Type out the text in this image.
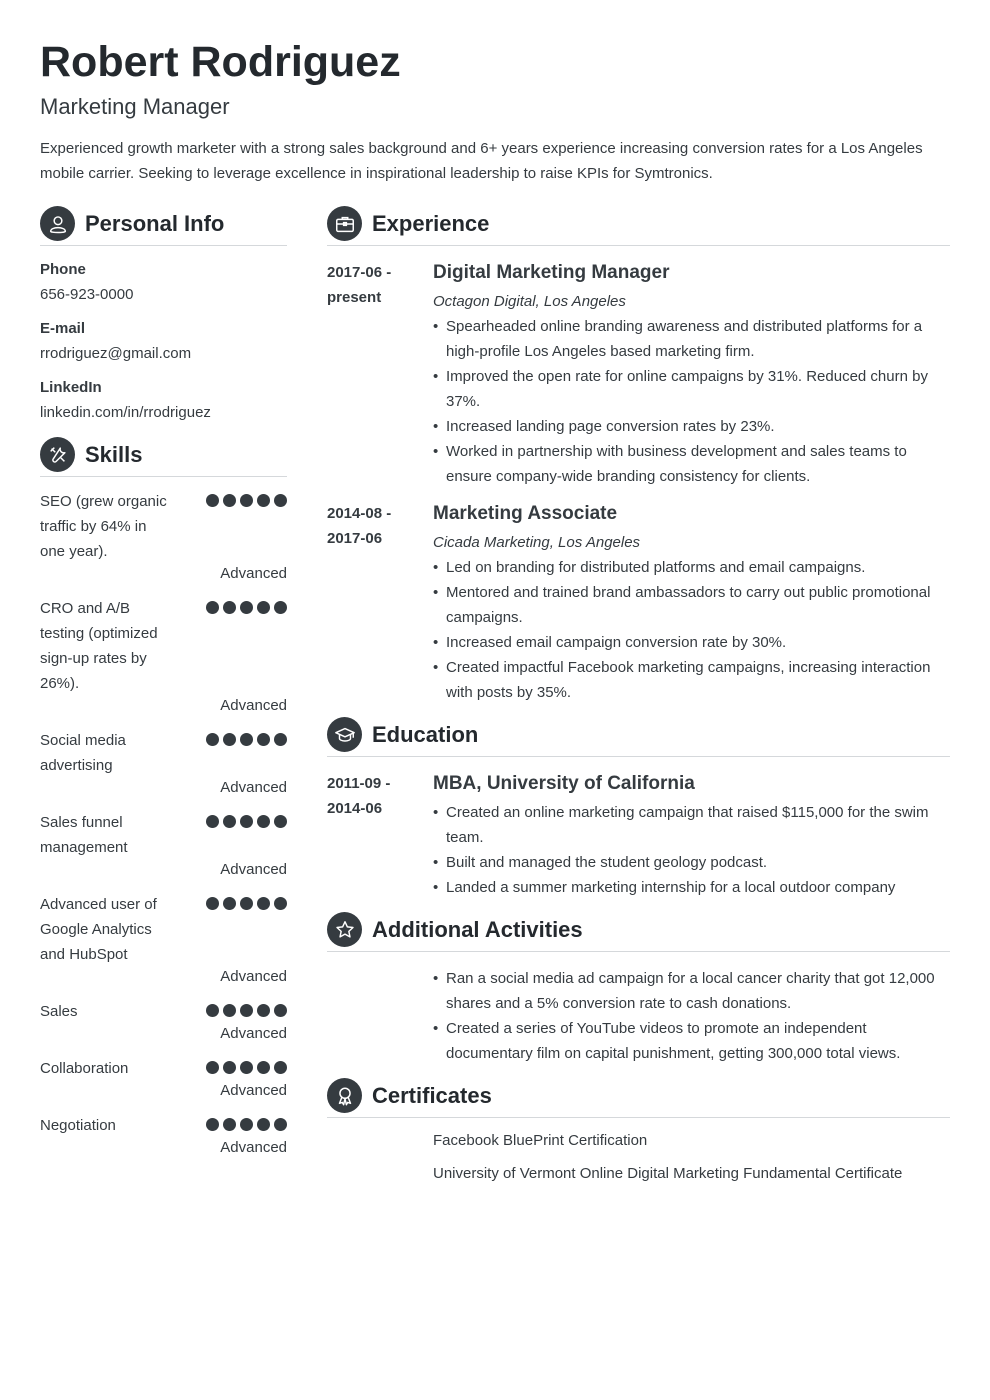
Robert Rodriguez
Marketing Manager
Experienced growth marketer with a strong sales background and 6+ years experience increasing conversion rates for a Los Angeles mobile carrier. Seeking to leverage excellence in inspirational leadership to raise KPIs for Symtronics.
Personal Info
Phone
656-923-0000
E-mail
rrodriguez@gmail.com
LinkedIn
linkedin.com/in/rrodriguez
Skills
SEO (grew organic traffic by 64% in one year).
Advanced
CRO and A/B testing (optimized sign-up rates by 26%).
Advanced
Social media advertising
Advanced
Sales funnel management
Advanced
Advanced user of Google Analytics and HubSpot
Advanced
Sales
Advanced
Collaboration
Advanced
Negotiation
Advanced
Experience
2017-06 -
present
Digital Marketing Manager
Octagon Digital, Los Angeles
• Spearheaded online branding awareness and distributed platforms for a high-profile Los Angeles based marketing firm.
• Improved the open rate for online campaigns by 31%. Reduced churn by 37%.
• Increased landing page conversion rates by 23%.
• Worked in partnership with business development and sales teams to ensure company-wide branding consistency for clients.
2014-08 -
2017-06
Marketing Associate
Cicada Marketing, Los Angeles
• Led on branding for distributed platforms and email campaigns.
• Mentored and trained brand ambassadors to carry out public promotional campaigns.
• Increased email campaign conversion rate by 30%.
• Created impactful Facebook marketing campaigns, increasing interaction with posts by 35%.
Education
2011-09 -
2014-06
MBA, University of California
• Created an online marketing campaign that raised $115,000 for the swim team.
• Built and managed the student geology podcast.
• Landed a summer marketing internship for a local outdoor company
Additional Activities
• Ran a social media ad campaign for a local cancer charity that got 12,000 shares and a 5% conversion rate to cash donations.
• Created a series of YouTube videos to promote an independent documentary film on capital punishment, getting 300,000 total views.
Certificates
Facebook BluePrint Certification
University of Vermont Online Digital Marketing Fundamental Certificate
